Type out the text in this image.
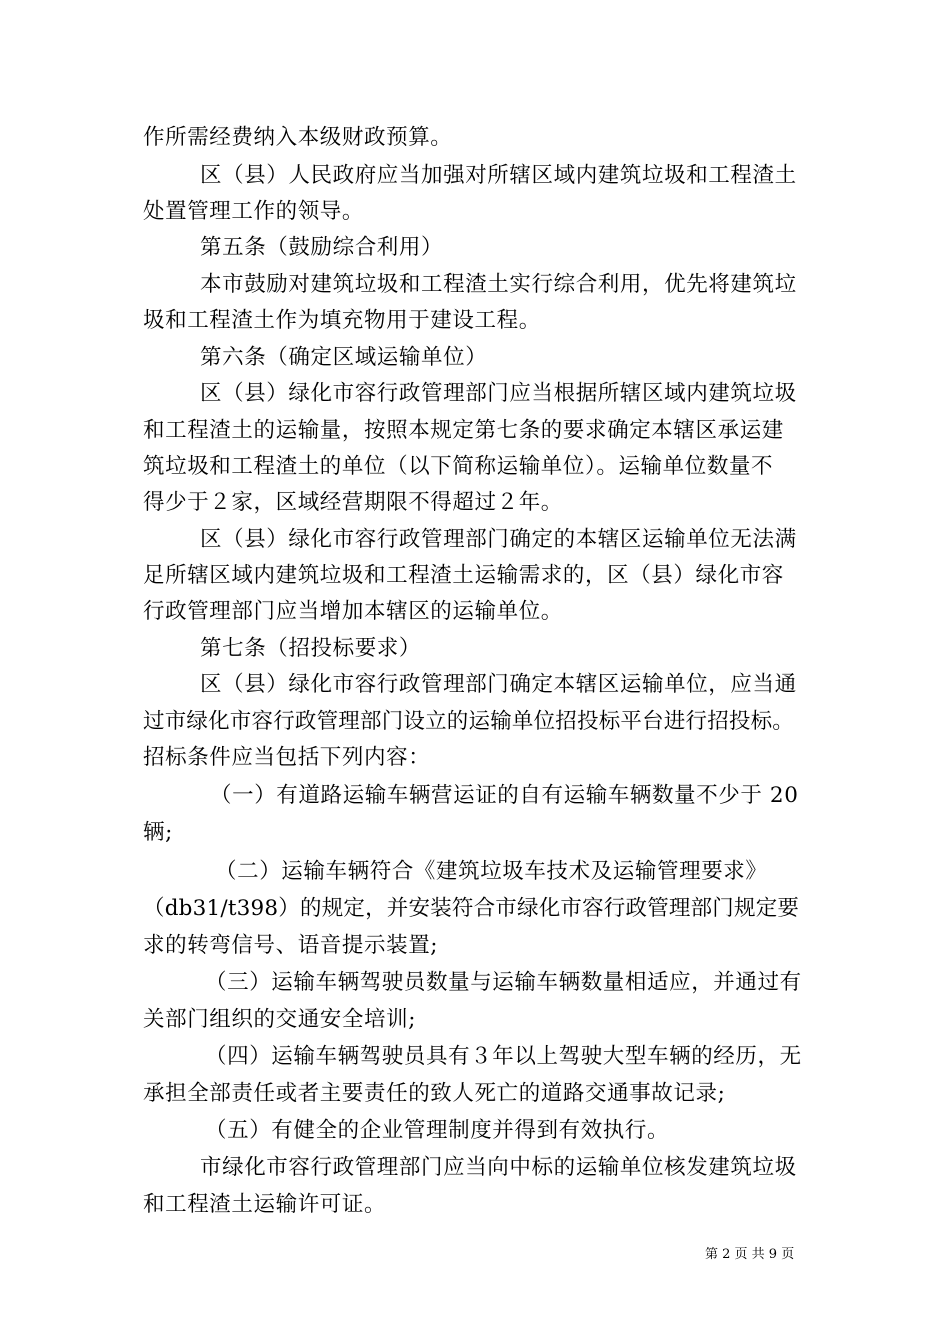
作所需经费纳入本级财政预算。
区（县）人民政府应当加强对所辖区域内建筑垃圾和工程渣土
处置管理工作的领导。
第五条（鼓励综合利用）
本市鼓励对建筑垃圾和工程渣土实行综合利用，优先将建筑垃
圾和工程渣土作为填充物用于建设工程。
第六条（确定区域运输单位）
区（县）绿化市容行政管理部门应当根据所辖区域内建筑垃圾
和工程渣土的运输量，按照本规定第七条的要求确定本辖区承运建
筑垃圾和工程渣土的单位（以下简称运输单位）。运输单位数量不
得少于２家，区域经营期限不得超过２年。
区（县）绿化市容行政管理部门确定的本辖区运输单位无法满
足所辖区域内建筑垃圾和工程渣土运输需求的，区（县）绿化市容
行政管理部门应当增加本辖区的运输单位。
第七条（招投标要求）
区（县）绿化市容行政管理部门确定本辖区运输单位，应当通
过市绿化市容行政管理部门设立的运输单位招投标平台进行招投标。
招标条件应当包括下列内容：
（一）有道路运输车辆营运证的自有运输车辆数量不少于 20
辆;
（二）运输车辆符合《建筑垃圾车技术及运输管理要求》
（db31/t398）的规定，并安装符合市绿化市容行政管理部门规定要
求的转弯信号、语音提示装置;
（三）运输车辆驾驶员数量与运输车辆数量相适应，并通过有
关部门组织的交通安全培训;
（四）运输车辆驾驶员具有３年以上驾驶大型车辆的经历，无
承担全部责任或者主要责任的致人死亡的道路交通事故记录;
（五）有健全的企业管理制度并得到有效执行。
市绿化市容行政管理部门应当向中标的运输单位核发建筑垃圾
和工程渣土运输许可证。
第 2 页 共 9 页
